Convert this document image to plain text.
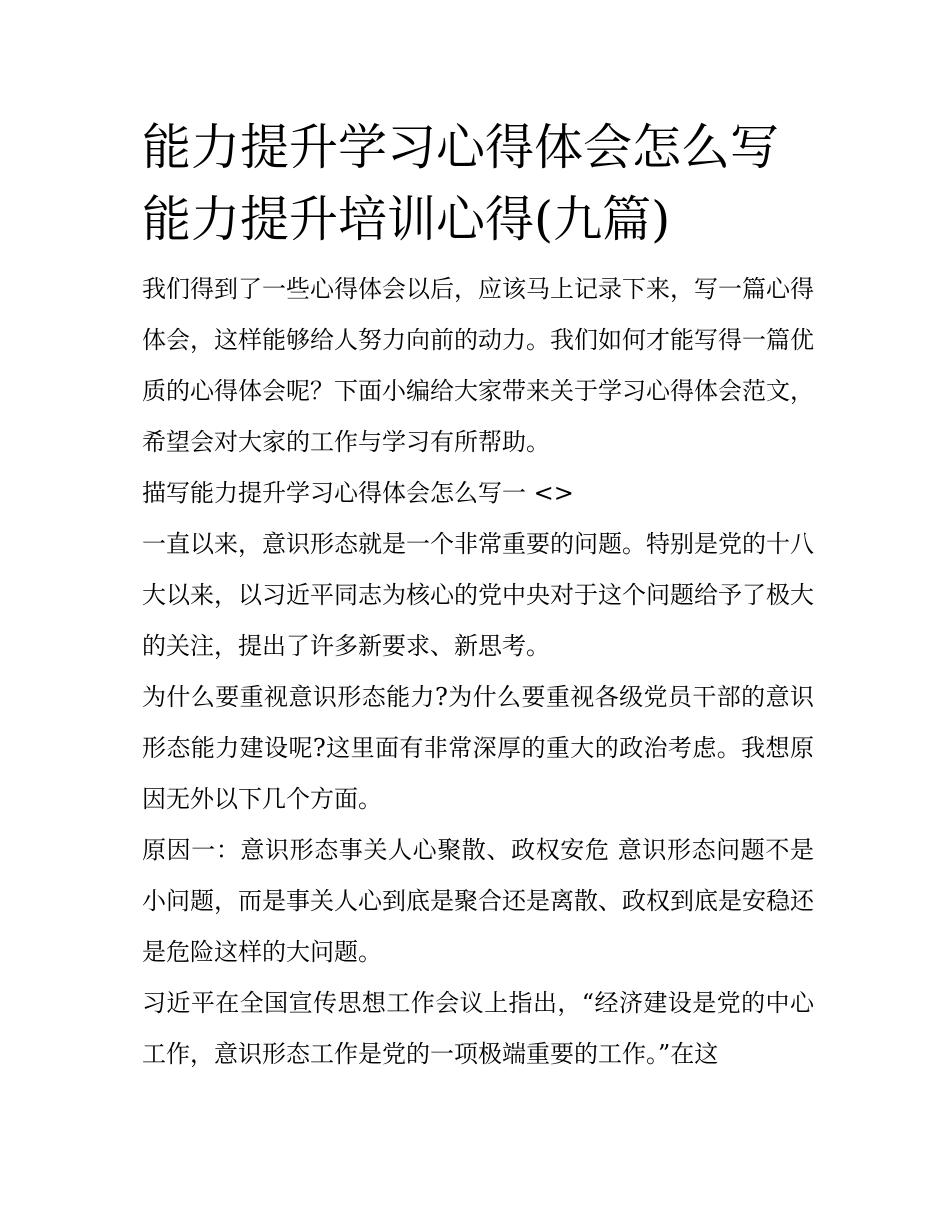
能力提升学习心得体会怎么写
能力提升培训心得(九篇)

我们得到了一些心得体会以后，应该马上记录下来，写一篇心得体会，这样能够给人努力向前的动力。我们如何才能写得一篇优质的心得体会呢？下面小编给大家带来关于学习心得体会范文，希望会对大家的工作与学习有所帮助。

描写能力提升学习心得体会怎么写一 <>

一直以来，意识形态就是一个非常重要的问题。特别是党的十八大以来，以习近平同志为核心的党中央对于这个问题给予了极大的关注，提出了许多新要求、新思考。

为什么要重视意识形态能力?为什么要重视各级党员干部的意识形态能力建设呢?这里面有非常深厚的重大的政治考虑。我想原因无外以下几个方面。

原因一：意识形态事关人心聚散、政权安危 意识形态问题不是小问题，而是事关人心到底是聚合还是离散、政权到底是安稳还是危险这样的大问题。

习近平在全国宣传思想工作会议上指出，“经济建设是党的中心工作，意识形态工作是党的一项极端重要的工作。”在这
